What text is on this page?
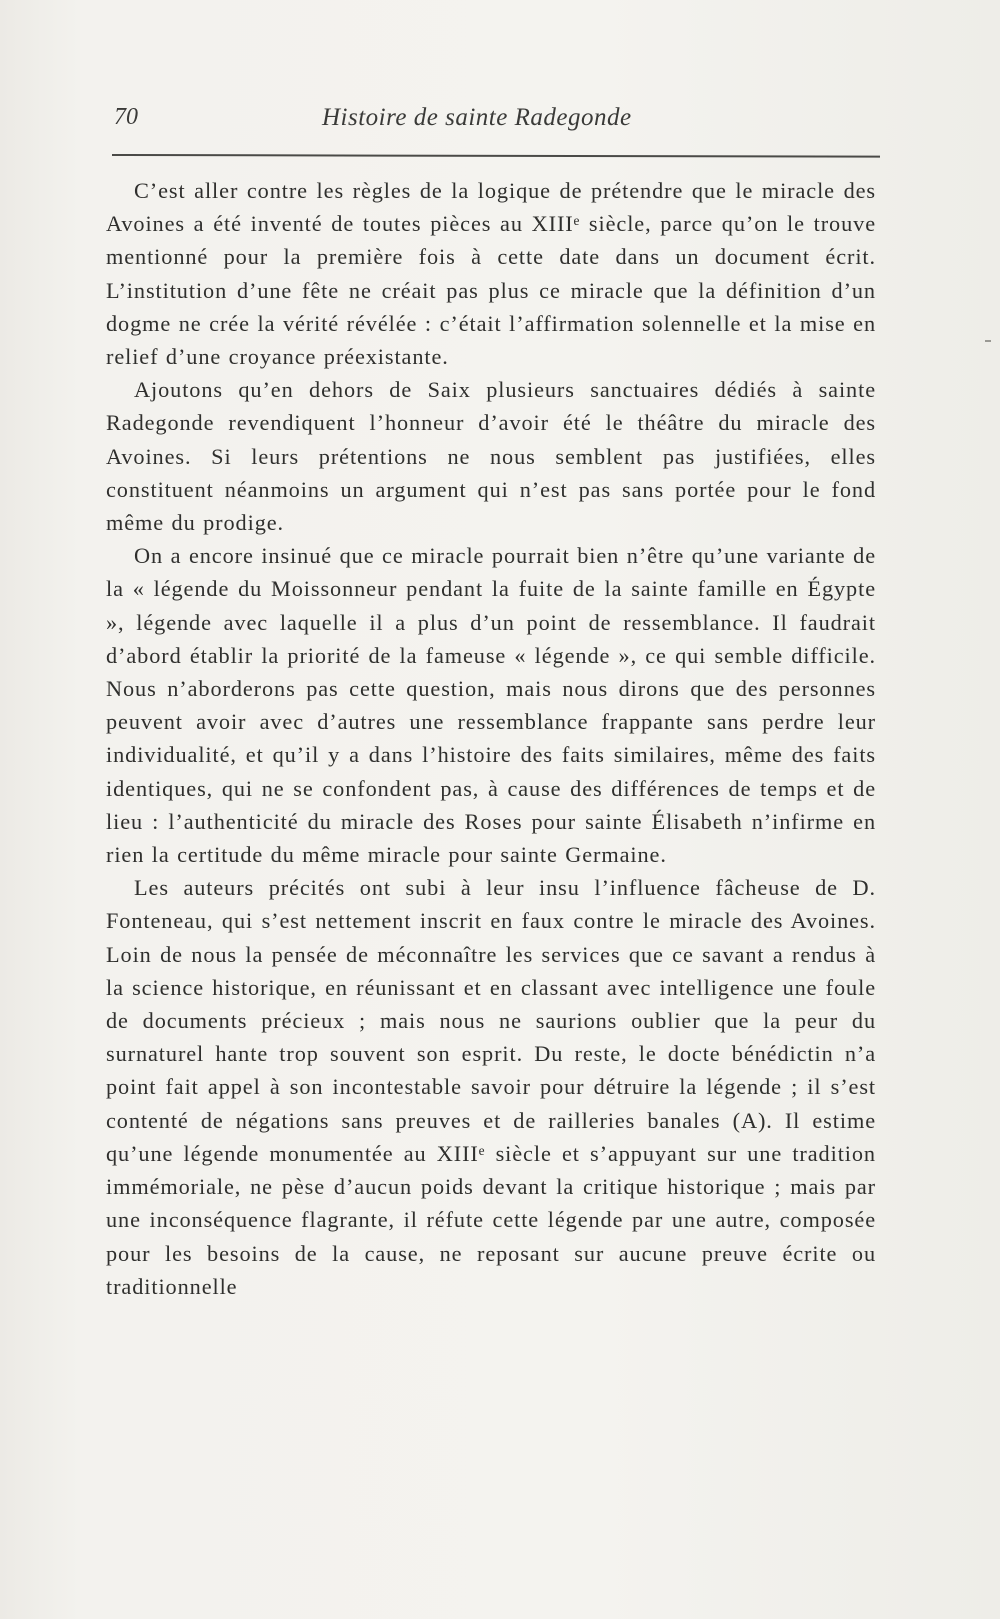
70	Histoire de sainte Radegonde

C’est aller contre les règles de la logique de prétendre que le miracle des Avoines a été inventé de toutes pièces au XIIIᵉ siècle, parce qu’on le trouve mentionné pour la première fois à cette date dans un document écrit. L’institution d’une fête ne créait pas plus ce miracle que la définition d’un dogme ne crée la vérité révélée : c’était l’affirmation solennelle et la mise en relief d’une croyance préexistante.

Ajoutons qu’en dehors de Saix plusieurs sanctuaires dédiés à sainte Radegonde revendiquent l’honneur d’avoir été le théâtre du miracle des Avoines. Si leurs prétentions ne nous semblent pas justifiées, elles constituent néanmoins un argument qui n’est pas sans portée pour le fond même du prodige.

On a encore insinué que ce miracle pourrait bien n’être qu’une variante de la « légende du Moissonneur pendant la fuite de la sainte famille en Égypte », légende avec laquelle il a plus d’un point de ressemblance. Il faudrait d’abord établir la priorité de la fameuse « légende », ce qui semble difficile. Nous n’aborderons pas cette question, mais nous dirons que des personnes peuvent avoir avec d’autres une ressemblance frappante sans perdre leur individualité, et qu’il y a dans l’histoire des faits similaires, même des faits identiques, qui ne se confondent pas, à cause des différences de temps et de lieu : l’authenticité du miracle des Roses pour sainte Élisabeth n’infirme en rien la certitude du même miracle pour sainte Germaine.

Les auteurs précités ont subi à leur insu l’influence fâcheuse de D. Fonteneau, qui s’est nettement inscrit en faux contre le miracle des Avoines. Loin de nous la pensée de méconnaître les services que ce savant a rendus à la science historique, en réunissant et en classant avec intelligence une foule de documents précieux ; mais nous ne saurions oublier que la peur du surnaturel hante trop souvent son esprit. Du reste, le docte bénédictin n’a point fait appel à son incontestable savoir pour détruire la légende ; il s’est contenté de négations sans preuves et de railleries banales (A). Il estime qu’une légende monumentée au XIIIᵉ siècle et s’appuyant sur une tradition immémoriale, ne pèse d’aucun poids devant la critique historique ; mais par une inconséquence flagrante, il réfute cette légende par une autre, composée pour les besoins de la cause, ne reposant sur aucune preuve écrite ou traditionnelle
